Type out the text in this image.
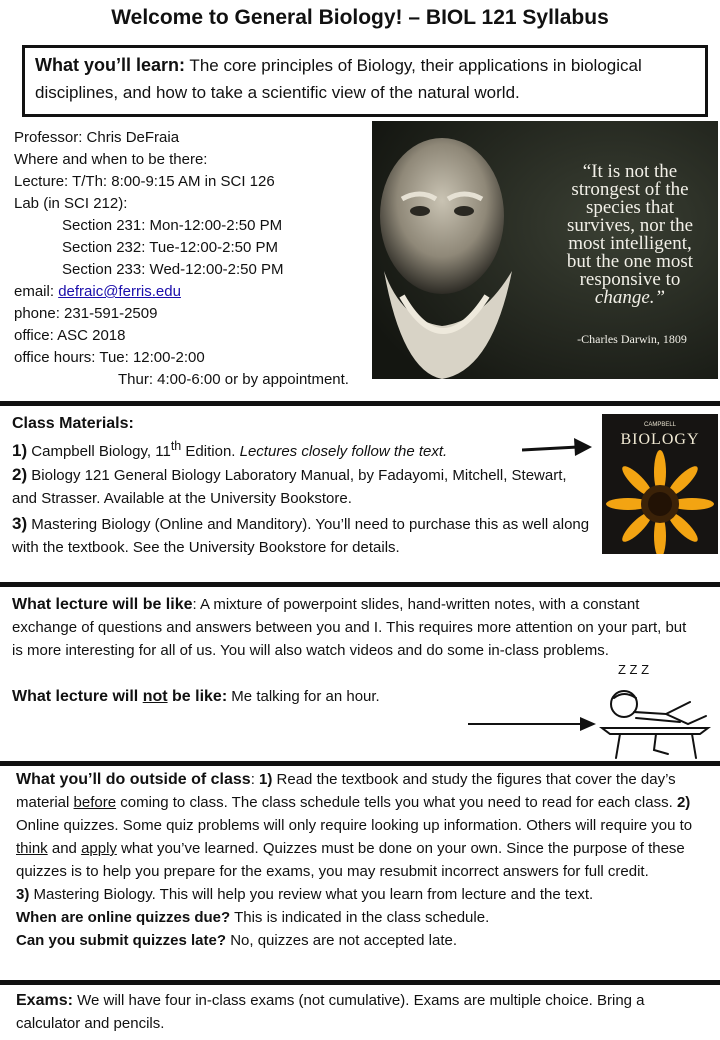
Welcome to General Biology! – BIOL 121 Syllabus
What you’ll learn: The core principles of Biology, their applications in biological disciplines, and how to take a scientific view of the natural world.
Professor: Chris DeFraia
Where and when to be there:
Lecture: T/Th: 8:00-9:15 AM in SCI 126
Lab (in SCI 212):
Section 231: Mon-12:00-2:50 PM
Section 232: Tue-12:00-2:50 PM
Section 233: Wed-12:00-2:50 PM
email: defraic@ferris.edu
phone: 231-591-2509
office: ASC 2018
office hours: Tue: 12:00-2:00
Thur: 4:00-6:00 or by appointment.
“It is not the
strongest of the
species that
survives, nor the
most intelligent,
but the one most
responsive to
change.”
-Charles Darwin, 1809
Class Materials:
1) Campbell Biology, 11th Edition. Lectures closely follow the text.
2) Biology 121 General Biology Laboratory Manual, by Fadayomi, Mitchell, Stewart, and Strasser. Available at the University Bookstore.
3) Mastering Biology (Online and Manditory). You’ll need to purchase this as well along with the textbook. See the University Bookstore for details.
CAMPBELL
BIOLOGY
What lecture will be like: A mixture of powerpoint slides, hand-written notes, with a constant exchange of questions and answers between you and I. This requires more attention on your part, but is more interesting for all of us. You will also watch videos and do some in-class problems.
What lecture will not be like: Me talking for an hour.
Z Z Z
What you’ll do outside of class: 1) Read the textbook and study the figures that cover the day’s material before coming to class. The class schedule tells you what you need to read for each class. 2) Online quizzes. Some quiz problems will only require looking up information. Others will require you to think and apply what you’ve learned. Quizzes must be done on your own. Since the purpose of these quizzes is to help you prepare for the exams, you may resubmit incorrect answers for full credit.
3) Mastering Biology. This will help you review what you learn from lecture and the text.
When are online quizzes due? This is indicated in the class schedule.
Can you submit quizzes late? No, quizzes are not accepted late.
Exams: We will have four in-class exams (not cumulative). Exams are multiple choice. Bring a calculator and pencils.
